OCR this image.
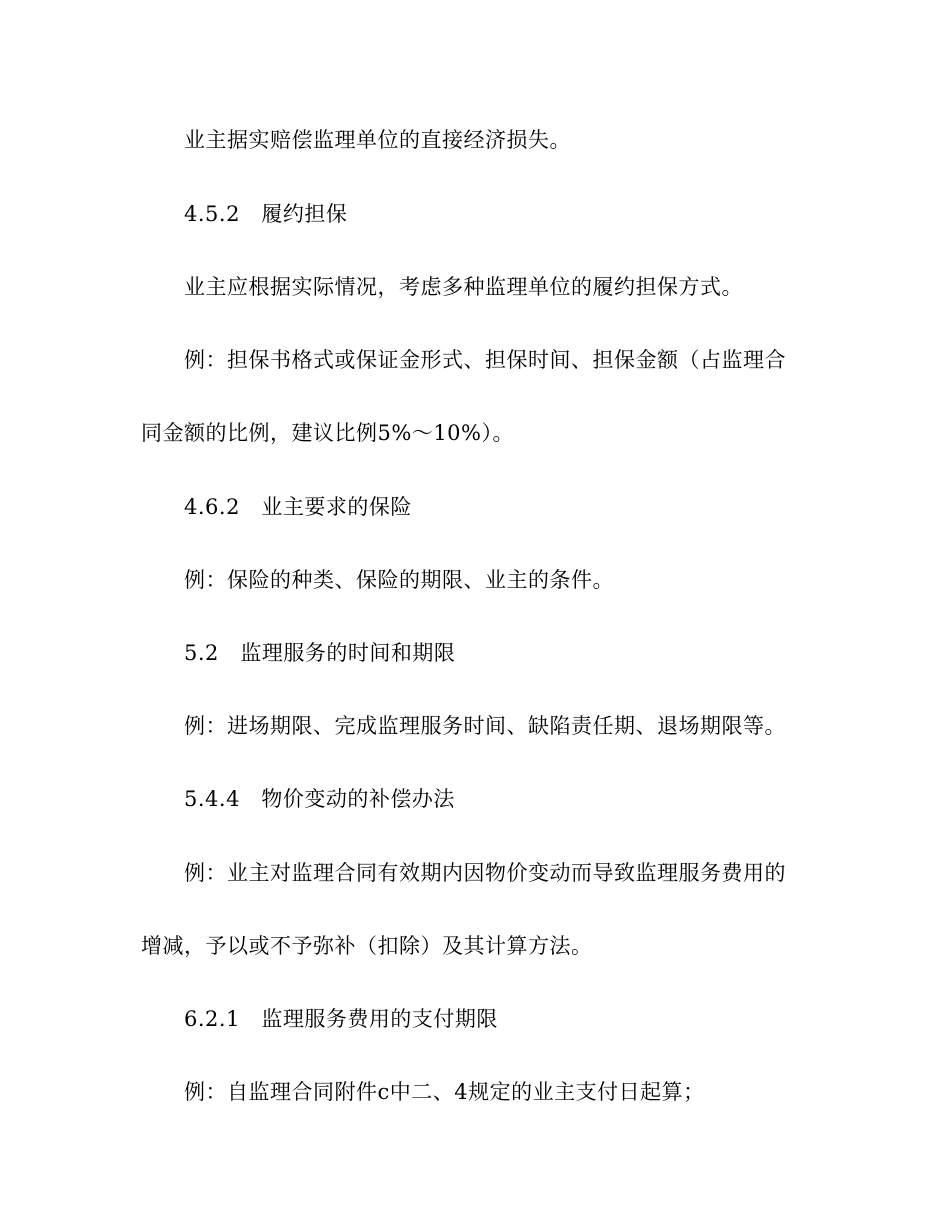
业主据实赔偿监理单位的直接经济损失。
4.5.2　履约担保
业主应根据实际情况，考虑多种监理单位的履约担保方式。
例：担保书格式或保证金形式、担保时间、担保金额（占监理合
同金额的比例，建议比例5%～10%）。
4.6.2　业主要求的保险
例：保险的种类、保险的期限、业主的条件。
5.2　监理服务的时间和期限
例：进场期限、完成监理服务时间、缺陷责任期、退场期限等。
5.4.4　物价变动的补偿办法
例：业主对监理合同有效期内因物价变动而导致监理服务费用的
增减，予以或不予弥补（扣除）及其计算方法。
6.2.1　监理服务费用的支付期限
例：自监理合同附件c中二、4规定的业主支付日起算；
